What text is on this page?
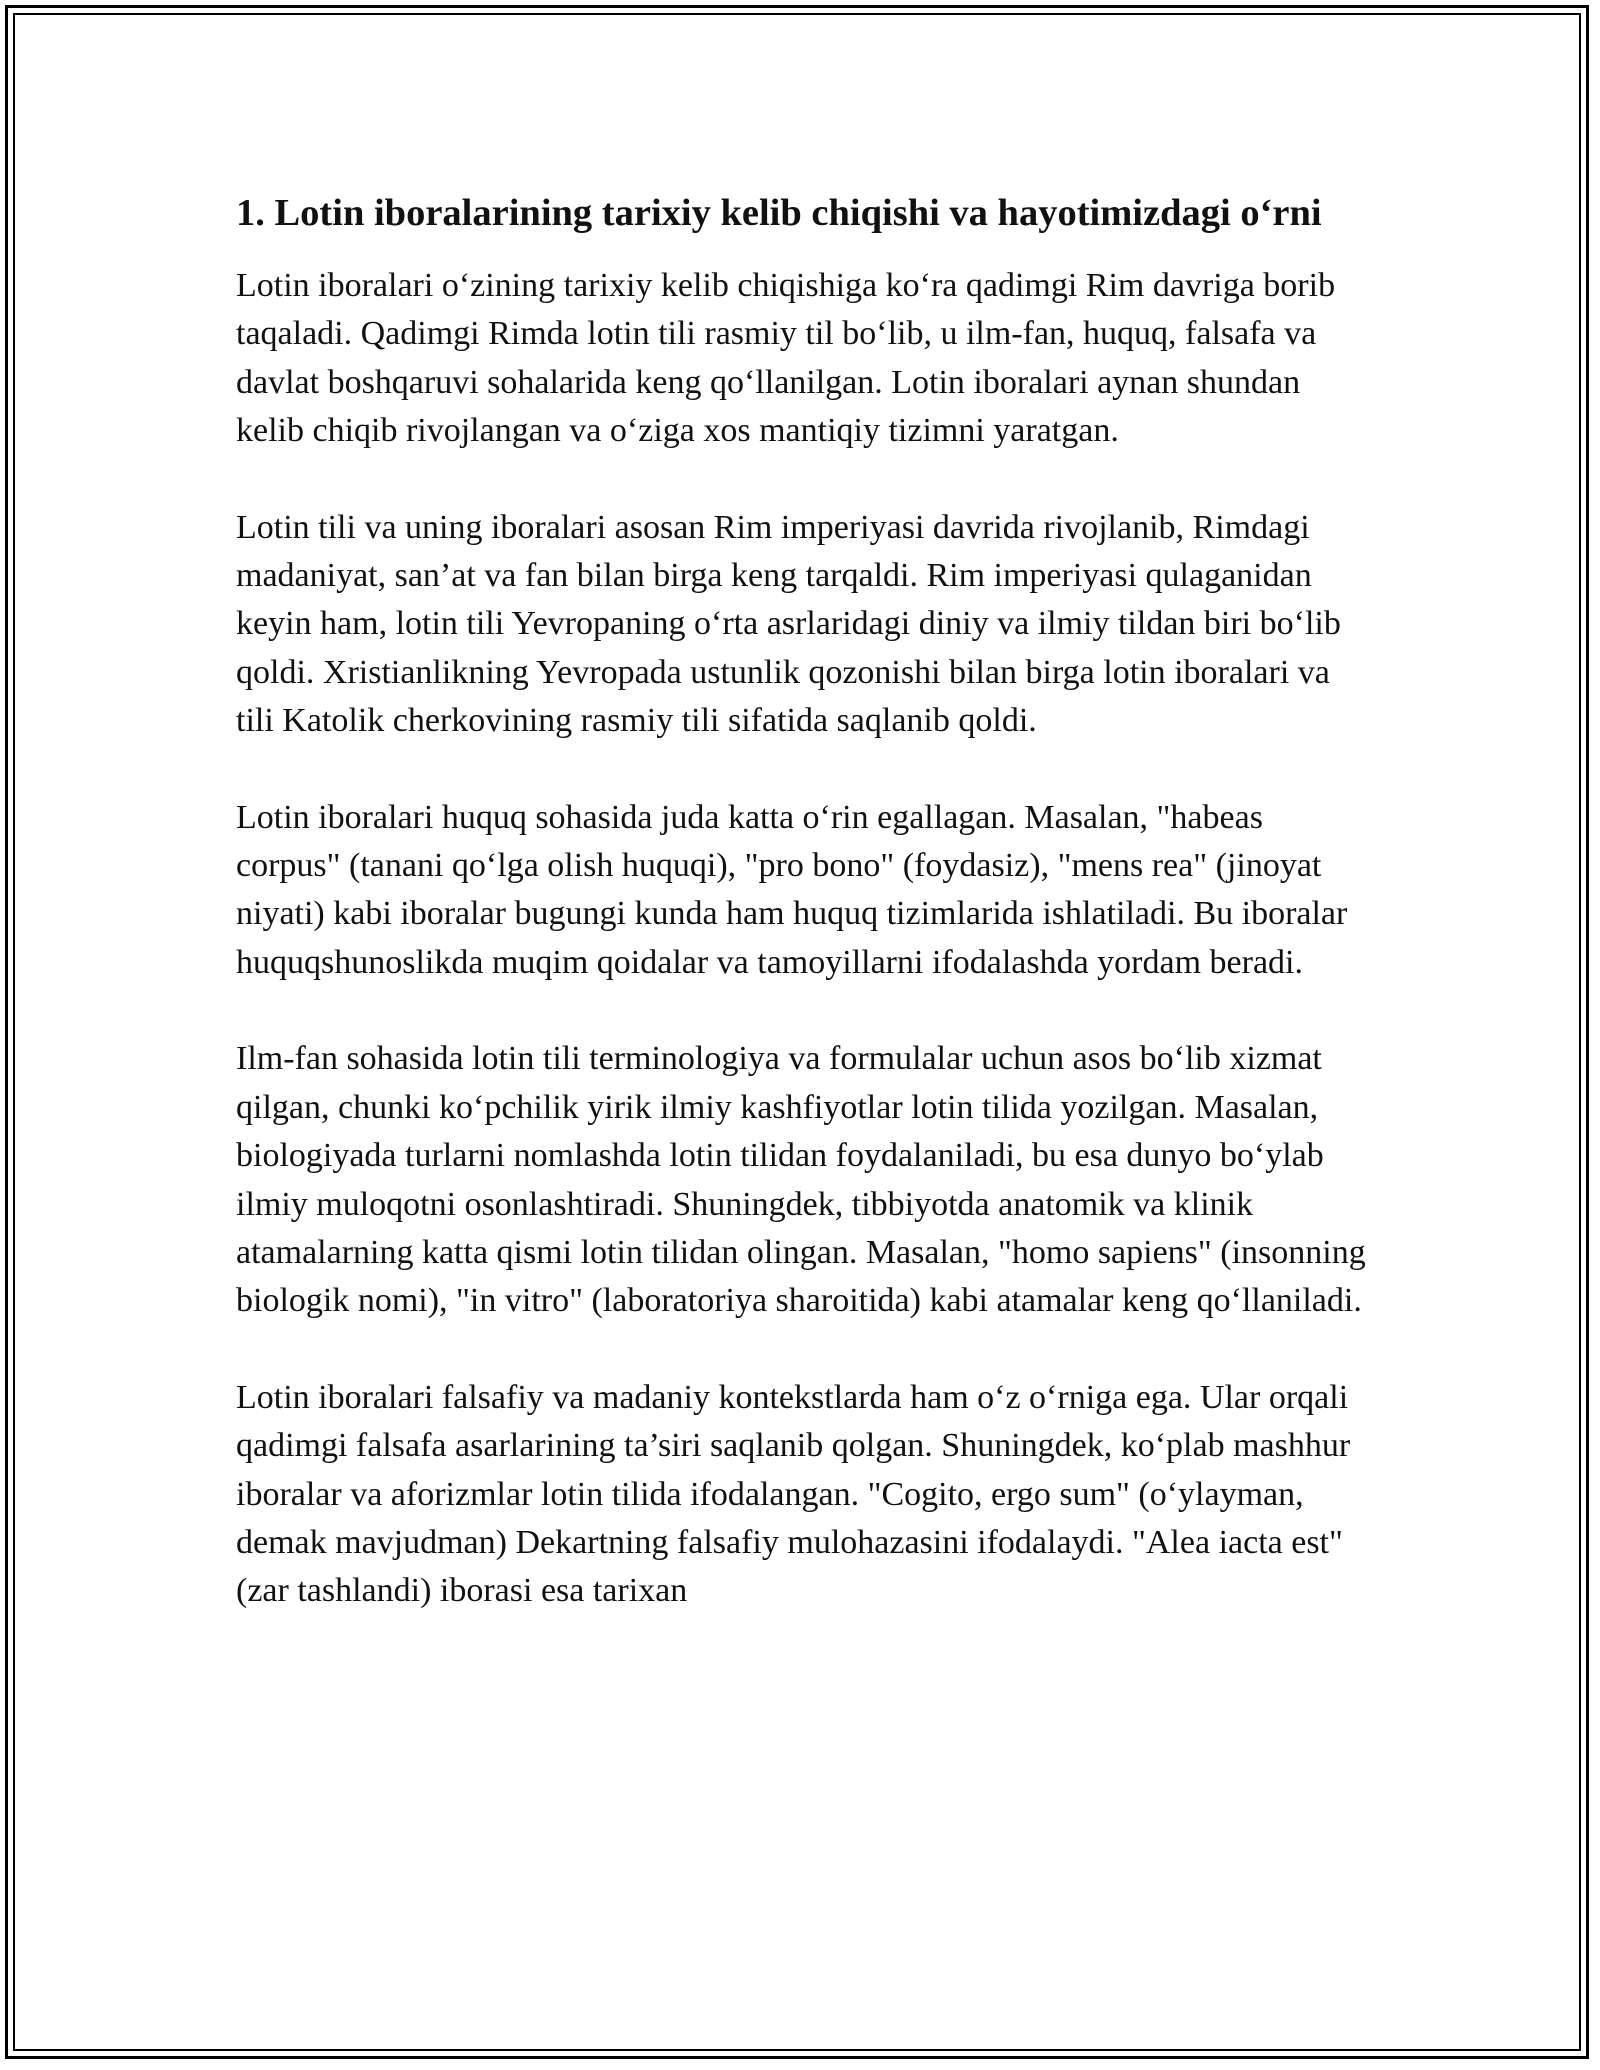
1. Lotin iboralarining tarixiy kelib chiqishi va hayotimizdagi o‘rni

Lotin iboralari o‘zining tarixiy kelib chiqishiga ko‘ra qadimgi Rim davriga borib taqaladi. Qadimgi Rimda lotin tili rasmiy til bo‘lib, u ilm-fan, huquq, falsafa va davlat boshqaruvi sohalarida keng qo‘llanilgan. Lotin iboralari aynan shundan kelib chiqib rivojlangan va o‘ziga xos mantiqiy tizimni yaratgan.

Lotin tili va uning iboralari asosan Rim imperiyasi davrida rivojlanib, Rimdagi madaniyat, san’at va fan bilan birga keng tarqaldi. Rim imperiyasi qulaganidan keyin ham, lotin tili Yevropaning o‘rta asrlaridagi diniy va ilmiy tildan biri bo‘lib qoldi. Xristianlikning Yevropada ustunlik qozonishi bilan birga lotin iboralari va tili Katolik cherkovining rasmiy tili sifatida saqlanib qoldi.

Lotin iboralari huquq sohasida juda katta o‘rin egallagan. Masalan, "habeas corpus" (tanani qo‘lga olish huquqi), "pro bono" (foydasiz), "mens rea" (jinoyat niyati) kabi iboralar bugungi kunda ham huquq tizimlarida ishlatiladi. Bu iboralar huquqshunoslikda muqim qoidalar va tamoyillarni ifodalashda yordam beradi.

Ilm-fan sohasida lotin tili terminologiya va formulalar uchun asos bo‘lib xizmat qilgan, chunki ko‘pchilik yirik ilmiy kashfiyotlar lotin tilida yozilgan. Masalan, biologiyada turlarni nomlashda lotin tilidan foydalaniladi, bu esa dunyo bo‘ylab ilmiy muloqotni osonlashtiradi. Shuningdek, tibbiyotda anatomik va klinik atamalarning katta qismi lotin tilidan olingan. Masalan, "homo sapiens" (insonning biologik nomi), "in vitro" (laboratoriya sharoitida) kabi atamalar keng qo‘llaniladi.

Lotin iboralari falsafiy va madaniy kontekstlarda ham o‘z o‘rniga ega. Ular orqali qadimgi falsafa asarlarining ta’siri saqlanib qolgan. Shuningdek, ko‘plab mashhur iboralar va aforizmlar lotin tilida ifodalangan. "Cogito, ergo sum" (o‘ylayman, demak mavjudman) Dekartning falsafiy mulohazasini ifodalaydi. "Alea iacta est" (zar tashlandi) iborasi esa tarixan
